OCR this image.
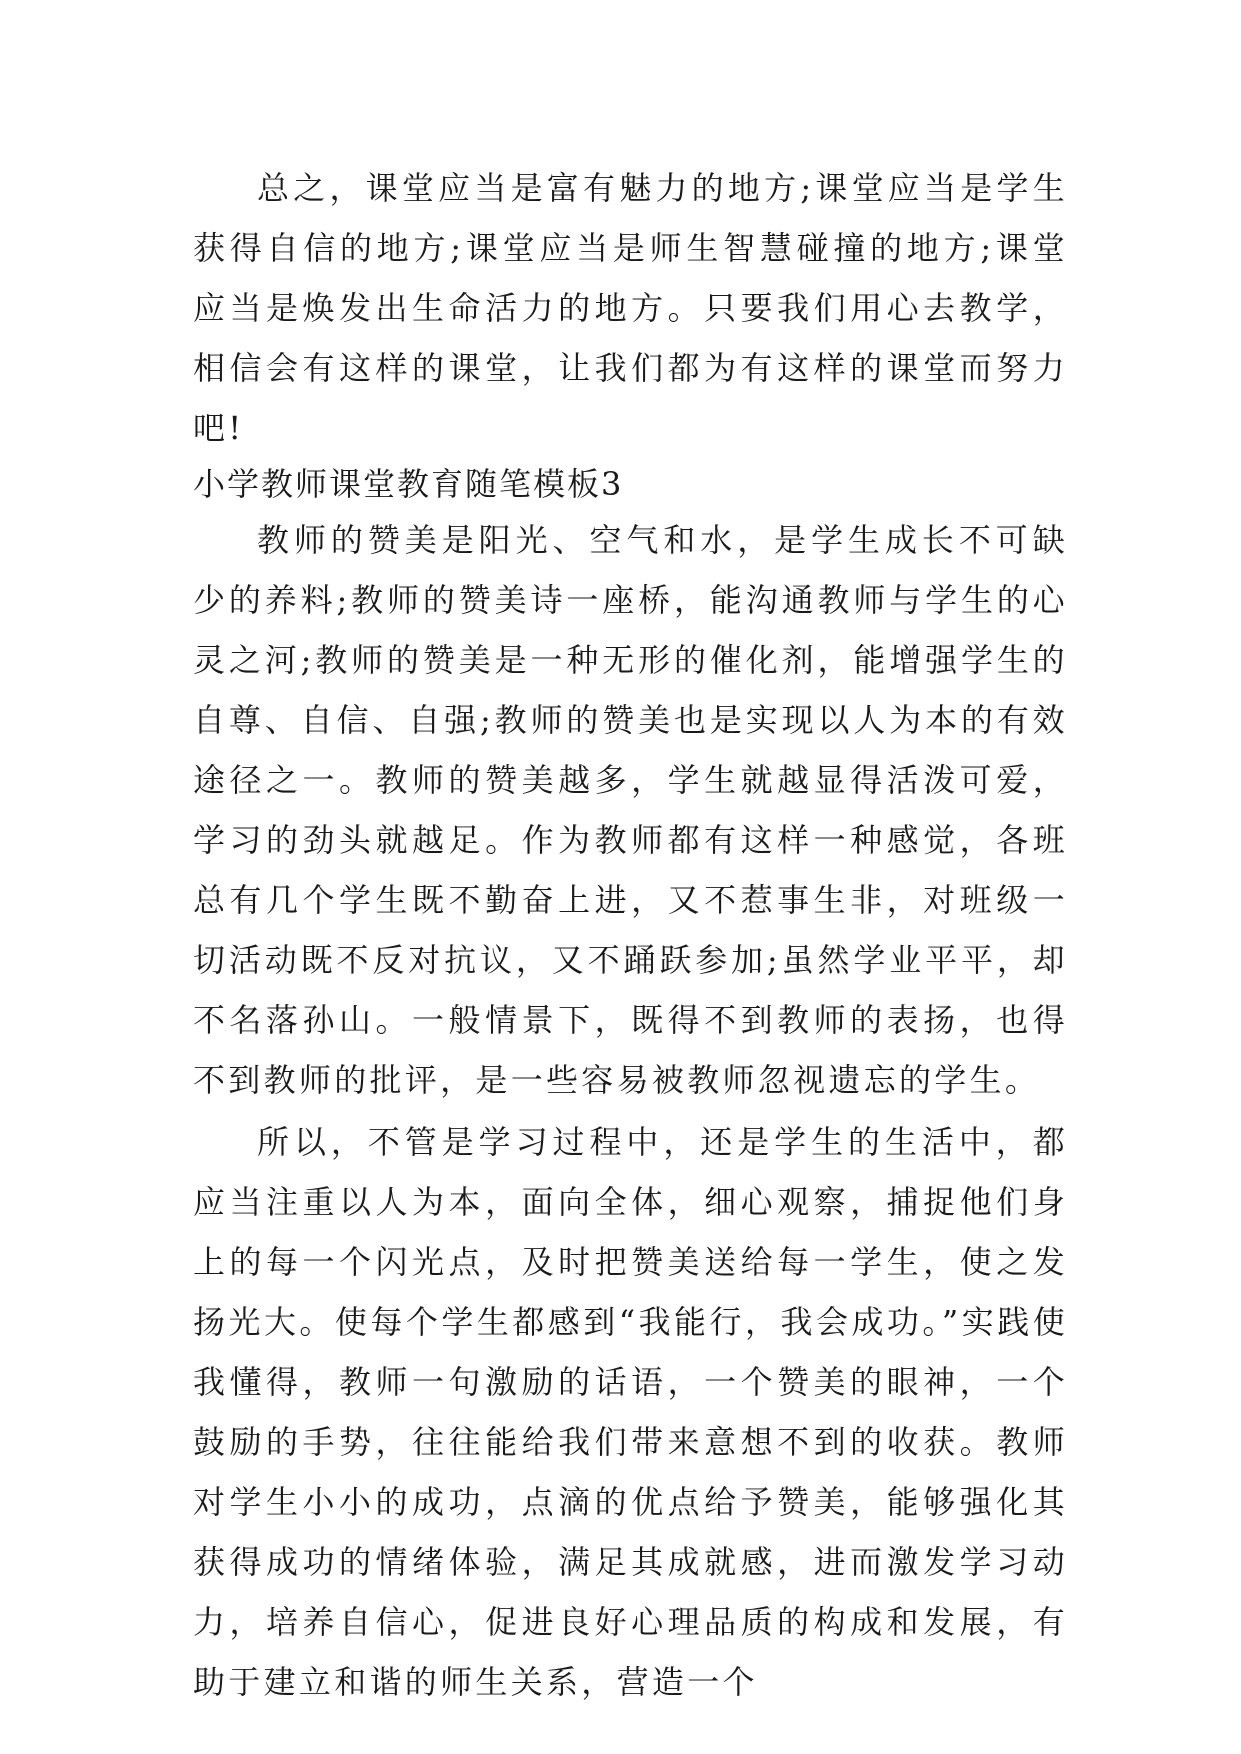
总之，课堂应当是富有魅力的地方;课堂应当是学生获得自信的地方;课堂应当是师生智慧碰撞的地方;课堂应当是焕发出生命活力的地方。只要我们用心去教学，相信会有这样的课堂，让我们都为有这样的课堂而努力吧!

小学教师课堂教育随笔模板3

教师的赞美是阳光、空气和水，是学生成长不可缺少的养料;教师的赞美诗一座桥，能沟通教师与学生的心灵之河;教师的赞美是一种无形的催化剂，能增强学生的自尊、自信、自强;教师的赞美也是实现以人为本的有效途径之一。教师的赞美越多，学生就越显得活泼可爱，学习的劲头就越足。作为教师都有这样一种感觉，各班总有几个学生既不勤奋上进，又不惹事生非，对班级一切活动既不反对抗议，又不踊跃参加;虽然学业平平，却不名落孙山。一般情景下，既得不到教师的表扬，也得不到教师的批评，是一些容易被教师忽视遗忘的学生。

所以，不管是学习过程中，还是学生的生活中，都应当注重以人为本，面向全体，细心观察，捕捉他们身上的每一个闪光点，及时把赞美送给每一学生，使之发扬光大。使每个学生都感到“我能行，我会成功。”实践使我懂得，教师一句激励的话语，一个赞美的眼神，一个鼓励的手势，往往能给我们带来意想不到的收获。教师对学生小小的成功，点滴的优点给予赞美，能够强化其获得成功的情绪体验，满足其成就感，进而激发学习动力，培养自信心，促进良好心理品质的构成和发展，有助于建立和谐的师生关系，营造一个
